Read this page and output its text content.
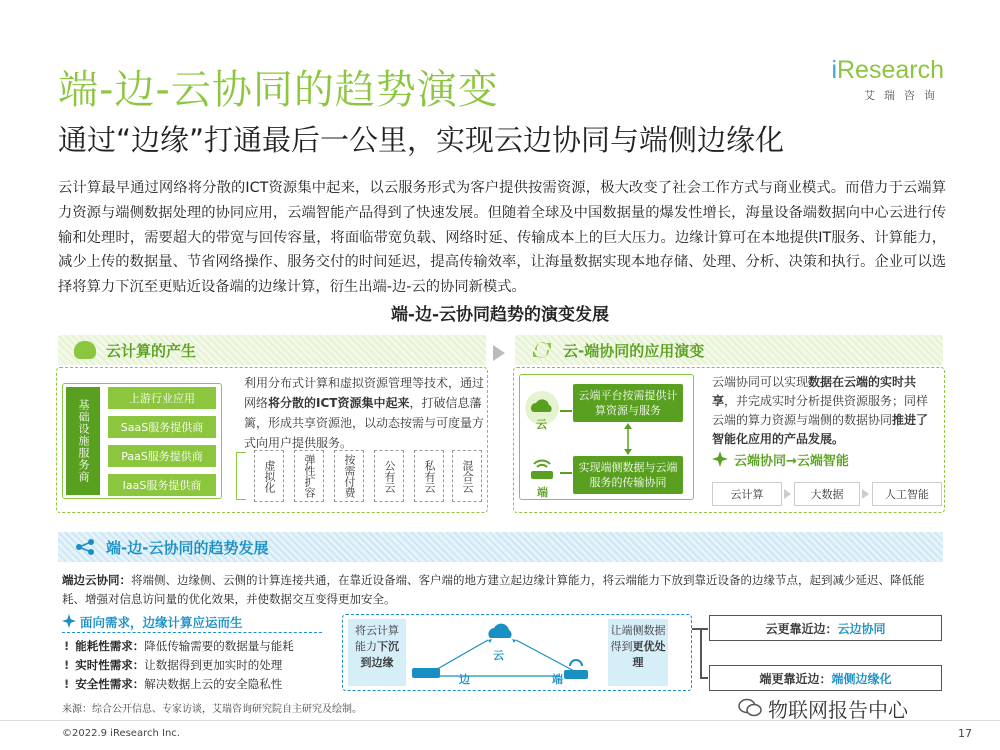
端-边-云协同的趋势演变
通过“边缘”打通最后一公里，实现云边协同与端侧边缘化
iResearch
艾瑞咨询
云计算最早通过网络将分散的ICT资源集中起来，以云服务形式为客户提供按需资源，极大改变了社会工作方式与商业模式。而借力于云端算力资源与端侧数据处理的协同应用，云端智能产品得到了快速发展。但随着全球及中国数据量的爆发性增长，海量设备端数据向中心云进行传输和处理时，需要超大的带宽与回传容量，将面临带宽负载、网络时延、传输成本上的巨大压力。边缘计算可在本地提供IT服务、计算能力，减少上传的数据量、节省网络操作、服务交付的时间延迟，提高传输效率，让海量数据实现本地存储、处理、分析、决策和执行。企业可以选择将算力下沉至更贴近设备端的边缘计算，衍生出端-边-云的协同新模式。
端-边-云协同趋势的演变发展
云计算的产生	云-端协同的应用演变
基础设施服务商
上游行业应用
SaaS服务提供商
PaaS服务提供商
IaaS服务提供商
利用分布式计算和虚拟资源管理等技术，通过网络将分散的ICT资源集中起来，打破信息藩篱，形成共享资源池，以动态按需与可度量方式向用户提供服务。
虚拟化	弹性扩容	按需付费	公有云	私有云	混合云
云
端
云端平台按需提供计算资源与服务
实现端侧数据与云端服务的传输协同
云端协同可以实现数据在云端的实时共享，并完成实时分析提供资源服务；同样云端的算力资源与端侧的数据协同推进了智能化应用的产品发展。
云端协同→云端智能
云计算	大数据	人工智能
端-边-云协同的趋势发展
端边云协同：将端侧、边缘侧、云侧的计算连接共通，在靠近设备端、客户端的地方建立起边缘计算能力，将云端能力下放到靠近设备的边缘节点，起到减少延迟、降低能耗、增强对信息访问量的优化效果，并使数据交互变得更加安全。
面向需求，边缘计算应运而生
! 能耗性需求：降低传输需要的数据量与能耗
! 实时性需求：让数据得到更加实时的处理
! 安全性需求：解决数据上云的安全隐私性
将云计算能力下沉到边缘
让端侧数据得到更优处理
云
边	端
云更靠近边： 云边协同
端更靠近边： 端侧边缘化
来源：综合公开信息、专家访谈，艾瑞咨询研究院自主研究及绘制。
©2022.9 iResearch Inc.
物联网报告中心
17
